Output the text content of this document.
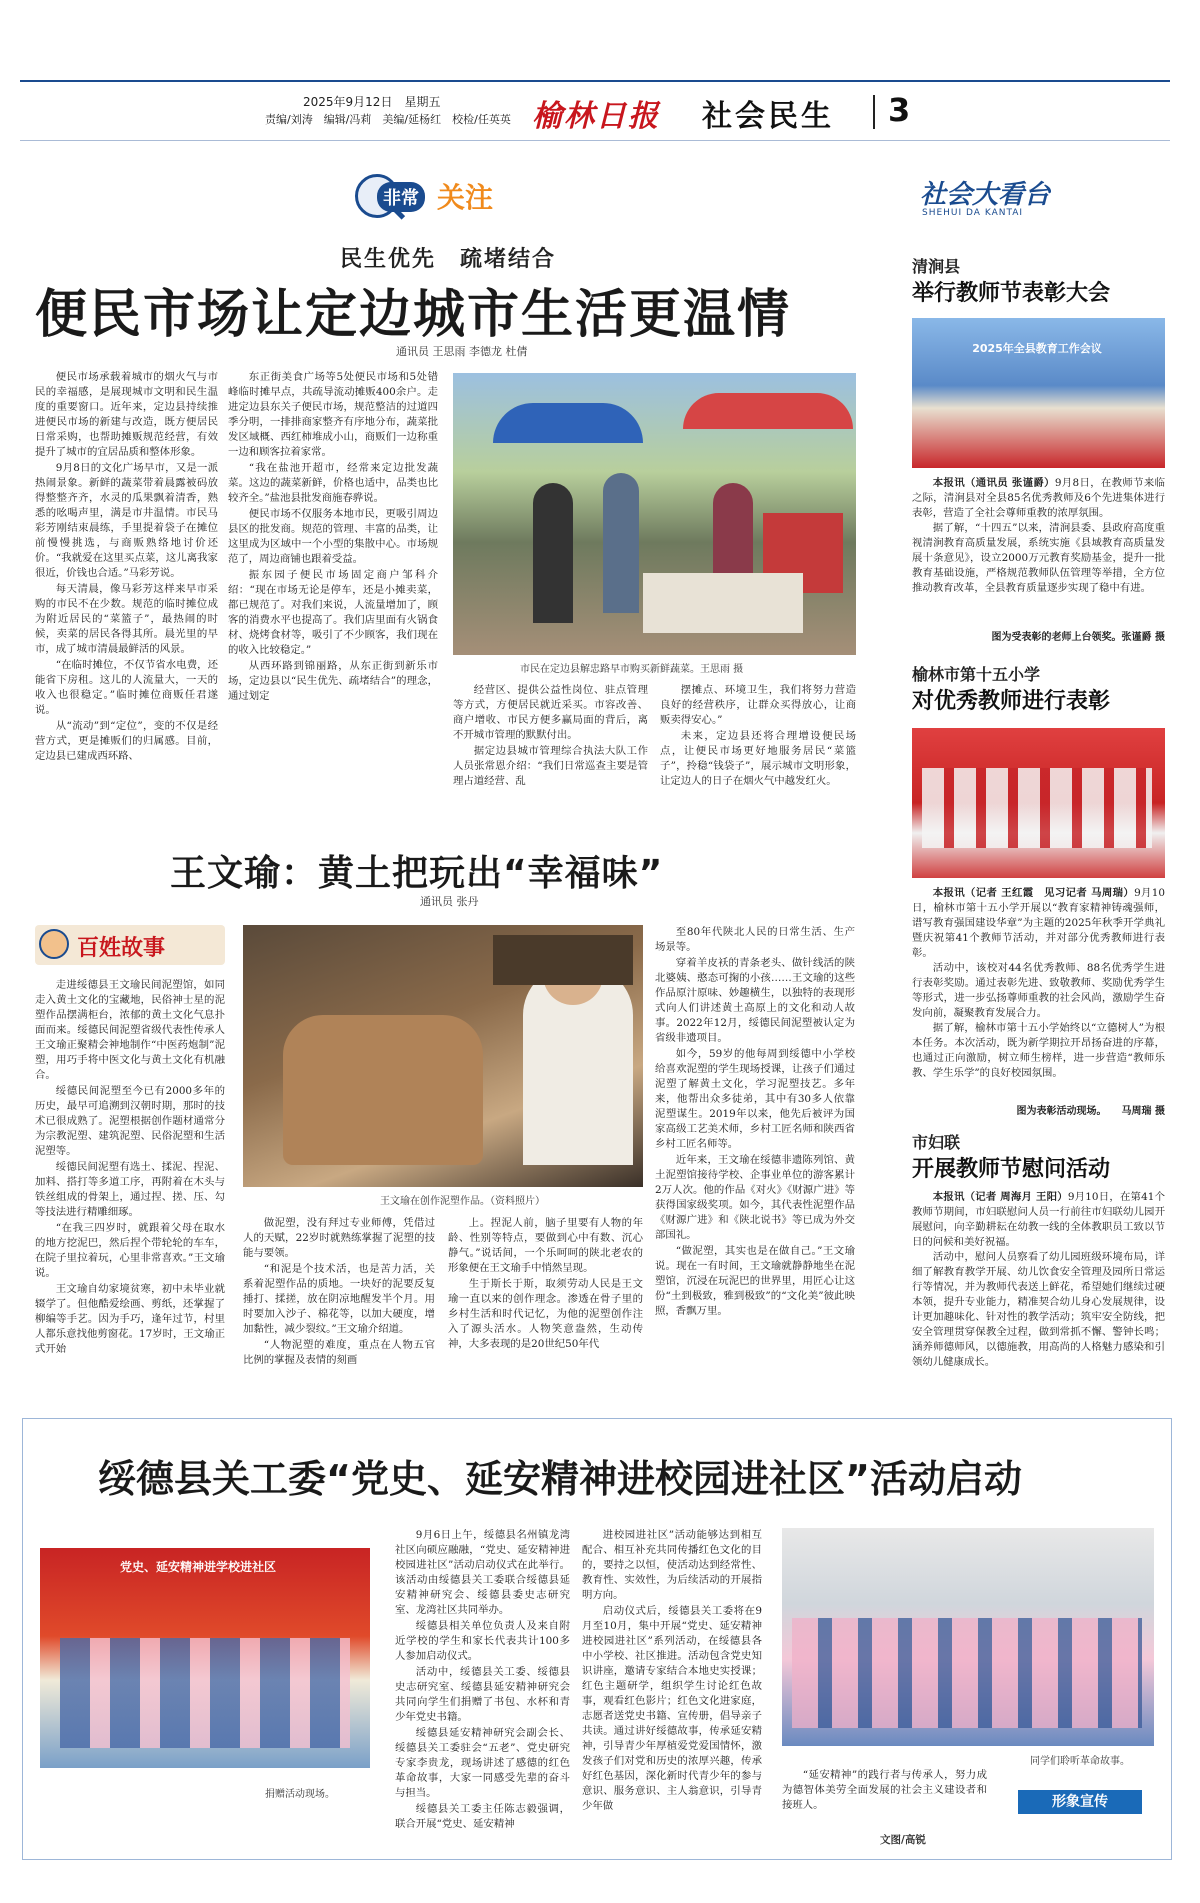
2025年9月12日　星期五
责编/刘涛　编辑/冯莉　美编/延杨红　校检/任英英 榆林日报 社会民生 3
非常 关注
民生优先　疏堵结合
便民市场让定边城市生活更温情
通讯员 王思雨 李德龙 杜倩

便民市场承载着城市的烟火气与市民的幸福感，是展现城市文明和民生温度的重要窗口。近年来，定边县持续推进便民市场的新建与改造，既方便居民日常采购，也帮助摊贩规范经营，有效提升了城市的宜居品质和整体形象。

9月8日的文化广场早市，又是一派热闹景象。新鲜的蔬菜带着晨露被码放得整整齐齐，水灵的瓜果飘着清香，熟悉的吆喝声里，满是市井温情。市民马彩芳刚结束晨练，手里提着袋子在摊位前慢慢挑选，与商贩熟络地讨价还价。“我就爱在这里买点菜，这儿离我家很近，价钱也合适。”马彩芳说。

每天清晨，像马彩芳这样来早市采购的市民不在少数。规范的临时摊位成为附近居民的“菜篮子”，最热闹的时候，卖菜的居民各得其所。晨光里的早市，成了城市清晨最鲜活的风景。

“在临时摊位，不仅节省水电费，还能省下房租。这儿的人流量大，一天的收入也很稳定。”临时摊位商贩任君遂说。

从“流动”到“定位”，变的不仅是经营方式，更是摊贩们的归属感。目前，定边县已建成西环路、

东正街美食广场等5处便民市场和5处错峰临时摊早点，共疏导流动摊贩400余户。走进定边县东关子便民市场，规范整洁的过道四季分明，一排排商家整齐有序地分布，蔬菜批发区域概、西红柿堆成小山，商贩们一边称重一边和顾客拉着家常。

“我在盐池开超市，经常来定边批发蔬菜。这边的蔬菜新鲜，价格也适中，品类也比较齐全。”盐池县批发商施春骅说。

便民市场不仅服务本地市民，更吸引周边县区的批发商。规范的管理、丰富的品类，让这里成为区域中一个小型的集散中心。市场规范了，周边商铺也跟着受益。

振东园子便民市场固定商户邹科介绍：“现在市场无论是停车，还是小摊卖菜，都已规范了。对我们来说，人流量增加了，顾客的消费水平也提高了。我们店里面有火锅食材、烧烤食材等，吸引了不少顾客，我们现在的收入比较稳定。”

从西环路到锦丽路，从东正街到新乐市场，定边县以“民生优先、疏堵结合”的理念，通过划定

市民在定边县解忠路早市购买新鲜蔬菜。王思雨 摄

经营区、提供公益性岗位、驻点管理等方式，方便居民就近采买。市容改善、商户增收、市民方便多赢局面的背后，离不开城市管理的默默付出。

据定边县城市管理综合执法大队工作人员张常恩介绍：“我们日常巡查主要是管理占道经营、乱

摆摊点、环境卫生，我们将努力营造良好的经营秩序，让群众买得放心，让商贩卖得安心。”

未来，定边县还将合理增设便民场点，让便民市场更好地服务居民“菜篮子”，拎稳“钱袋子”，展示城市文明形象，让定边人的日子在烟火气中越发红火。

王文瑜：黄土把玩出“幸福味”
通讯员 张丹
百姓故事

走进绥德县王文瑜民间泥塑馆，如同走入黄土文化的宝藏地，民俗神士星的泥塑作品摆满柜台，浓郁的黄土文化气息扑面而来。绥德民间泥塑省级代表性传承人王文瑜正聚精会神地制作“中医药炮制”泥塑，用巧手将中医文化与黄土文化有机融合。

绥德民间泥塑至今已有2000多年的历史，最早可追溯到汉朝时期，那时的技术已很成熟了。泥塑根据创作题材通常分为宗教泥塑、建筑泥塑、民俗泥塑和生活泥塑等。

绥德民间泥塑有选土、揉泥、捏泥、加料、搭打等多道工序，再附着在木头与铁丝组成的骨架上，通过捏、搓、压、勾等技法进行精雕细琢。

“在我三四岁时，就跟着父母在取水的地方挖泥巴，然后捏个带轮轮的车车，在院子里拉着玩，心里非常喜欢。”王文瑜说。

王文瑜自幼家境贫寒，初中未毕业就辍学了。但他酷爱绘画、剪纸，还掌握了柳编等手艺。因为手巧，逢年过节，村里人都乐意找他剪窗花。17岁时，王文瑜正式开始

王文瑜在创作泥塑作品。（资料照片）

做泥塑，没有拜过专业师傅，凭借过人的天赋，22岁时就熟练掌握了泥塑的技能与要领。

“和泥是个技术活，也是苦力活，关系着泥塑作品的质地。一块好的泥要反复捶打、揉搓，放在阴凉地醒发半个月。用时要加入沙子、棉花等，以加大硬度，增加黏性，减少裂纹。”王文瑜介绍道。

“人物泥塑的难度，重点在人物五官比例的掌握及表情的刻画

上。捏泥人前，脑子里要有人物的年龄、性别等特点，要做到心中有数、沉心静气。”说话间，一个乐呵呵的陕北老农的形象便在王文瑜手中悄然呈现。

生于斯长于斯，取须劳动人民是王文瑜一直以来的创作理念。渗透在骨子里的乡村生活和时代记忆，为他的泥塑创作注入了源头活水。人物笑意盎然，生动传神，大多表现的是20世纪50年代

至80年代陕北人民的日常生活、生产场景等。

穿着羊皮袄的青条老头、做针线活的陕北婆姨、憨态可掬的小孩……王文瑜的这些作品原汁原味、妙趣横生，以独特的表现形式向人们讲述黄土高原上的文化和动人故事。2022年12月，绥德民间泥塑被认定为省级非遗项目。

如今，59岁的他每周到绥德中小学校给喜欢泥塑的学生现场授课，让孩子们通过泥塑了解黄土文化，学习泥塑技艺。多年来，他帮出众多徒弟，其中有30多人依靠泥塑谋生。2019年以来，他先后被评为国家高级工艺美术师，乡村工匠名师和陕西省乡村工匠名师等。

近年来，王文瑜在绥德非遗陈列馆、黄土泥塑馆接待学校、企事业单位的游客累计2万人次。他的作品《对火》《财源广进》等获得国家级奖项。如今，其代表性泥塑作品《财源广进》和《陕北说书》等已成为外交部国礼。

“做泥塑，其实也是在做自己。”王文瑜说。现在一有时间，王文瑜就静静地坐在泥塑馆，沉浸在玩泥巴的世界里，用匠心让这份“土到极致，雅到极致”的“文化美”彼此映照，香飘万里。

社会大看台
SHEHUI DA KANTAI
清涧县
举行教师节表彰大会
2025年全县教育工作会议

本报讯（通讯员 张谨爵）9月8日，在教师节来临之际，清涧县对全县85名优秀教师及6个先进集体进行表彰，营造了全社会尊师重教的浓厚氛围。

据了解，“十四五”以来，清涧县委、县政府高度重视清涧教育高质量发展，系统实施《县域教育高质量发展十条意见》，设立2000万元教育奖励基金，提升一批教育基础设施，严格规范教师队伍管理等举措，全方位推动教育改革，全县教育质量逐步实现了稳中有进。

图为受表彰的老师上台领奖。张谨爵 摄
榆林市第十五小学
对优秀教师进行表彰

本报讯（记者 王红霞　见习记者 马周瑞）9月10日，榆林市第十五小学开展以“教育家精神铸魂强师，谱写教育强国建设华章”为主题的2025年秋季开学典礼暨庆祝第41个教师节活动，并对部分优秀教师进行表彰。

活动中，该校对44名优秀教师、88名优秀学生进行表彰奖励。通过表彰先进、致敬教师、奖励优秀学生等形式，进一步弘扬尊师重教的社会风尚，激励学生奋发向前，凝聚教育发展合力。

据了解，榆林市第十五小学始终以“立德树人”为根本任务。本次活动，既为新学期拉开昂扬奋进的序幕，也通过正向激励，树立师生榜样，进一步营造“教师乐教、学生乐学”的良好校园氛围。

图为表彰活动现场。　　马周瑞 摄
市妇联
开展教师节慰问活动

本报讯（记者 周海月 王阳）9月10日，在第41个教师节期间，市妇联慰问人员一行前往市妇联幼儿园开展慰问，向辛勤耕耘在幼教一线的全体教职员工致以节日的问候和美好祝福。

活动中，慰问人员察看了幼儿园班级环境布局，详细了解教育教学开展、幼儿饮食安全管理及园所日常运行等情况，并为教师代表送上鲜花，希望她们继续过硬本领，提升专业能力，精准契合幼儿身心发展规律，设计更加趣味化、针对性的教学活动；筑牢安全防线，把安全管理贯穿保教全过程，做到常抓不懈、警钟长鸣；涵养师德师风，以德施教，用高尚的人格魅力感染和引领幼儿健康成长。

绥德县关工委“党史、延安精神进校园进社区”活动启动
党史、延安精神进学校进社区
捐赠活动现场。

9月6日上午，绥德县名州镇龙湾社区向硕应融融，“党史、延安精神进校园进社区”活动启动仪式在此举行。该活动由绥德县关工委联合绥德县延安精神研究会、绥德县委史志研究室、龙湾社区共同举办。

绥德县相关单位负责人及来自附近学校的学生和家长代表共计100多人参加启动仪式。

活动中，绥德县关工委、绥德县史志研究室、绥德县延安精神研究会共同向学生们捐赠了书包、水杯和青少年党史书籍。

绥德县延安精神研究会副会长、绥德县关工委驻会“五老”、党史研究专家李贵龙，现场讲述了感德的红色革命故事，大家一同感受先辈的奋斗与担当。

绥德县关工委主任陈志毅强调，联合开展“党史、延安精神

进校园进社区”活动能够达到相互配合、相互补充共同传播红色文化的目的，要持之以恒，使活动达到经常性、教育性、实效性，为后续活动的开展指明方向。

启动仪式后，绥德县关工委将在9月至10月，集中开展“党史、延安精神进校园进社区”系列活动，在绥德县各中小学校、社区推进。活动包含党史知识讲座，邀请专家结合本地史实授课；红色主题研学，组织学生讨论红色故事，观看红色影片；红色文化进家庭，志愿者送党史书籍、宣传册，倡导亲子共读。通过讲好绥德故事，传承延安精神，引导青少年厚植爱党爱国情怀，激发孩子们对党和历史的浓厚兴趣，传承好红色基因，深化新时代青少年的参与意识、服务意识、主人翁意识，引导青少年做

同学们聆听革命故事。

“延安精神”的践行者与传承人，努力成为德智体美劳全面发展的社会主义建设者和接班人。

文图/高锐
形象宣传
